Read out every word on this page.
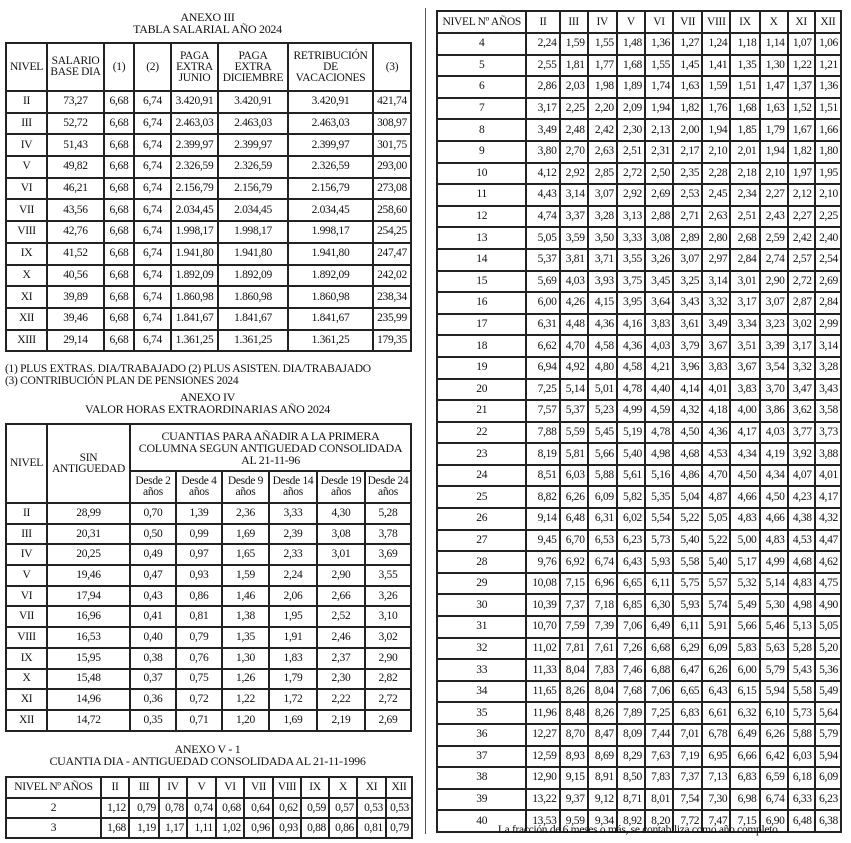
ANEXO III
TABLA SALARIAL AÑO 2024
NIVEL	SALARIO BASE DIA	(1)	(2)	PAGA EXTRA JUNIO	PAGA EXTRA DICIEMBRE	RETRIBUCIÓN DE VACACIONES	(3)
II	73,27	6,68	6,74	3.420,91	3.420,91	3.420,91	421,74
III	52,72	6,68	6,74	2.463,03	2.463,03	2.463,03	308,97
IV	51,43	6,68	6,74	2.399,97	2.399,97	2.399,97	301,75
V	49,82	6,68	6,74	2.326,59	2.326,59	2.326,59	293,00
VI	46,21	6,68	6,74	2.156,79	2.156,79	2.156,79	273,08
VII	43,56	6,68	6,74	2.034,45	2.034,45	2.034,45	258,60
VIII	42,76	6,68	6,74	1.998,17	1.998,17	1.998,17	254,25
IX	41,52	6,68	6,74	1.941,80	1.941,80	1.941,80	247,47
X	40,56	6,68	6,74	1.892,09	1.892,09	1.892,09	242,02
XI	39,89	6,68	6,74	1.860,98	1.860,98	1.860,98	238,34
XII	39,46	6,68	6,74	1.841,67	1.841,67	1.841,67	235,99
XIII	29,14	6,68	6,74	1.361,25	1.361,25	1.361,25	179,35
(1) PLUS EXTRAS. DIA/TRABAJADO (2) PLUS ASISTEN. DIA/TRABAJADO
(3) CONTRIBUCIÓN PLAN DE PENSIONES 2024
ANEXO IV
VALOR HORAS EXTRAORDINARIAS AÑO 2024
NIVEL	SIN ANTIGUEDAD	CUANTIAS PARA AÑADIR A LA PRIMERA COLUMNA SEGUN ANTIGUEDAD CONSOLIDADA AL 21-11-96					
		Desde 2 años	Desde 4 años	Desde 9 años	Desde 14 años	Desde 19 años	Desde 24 años
II	28,99	0,70	1,39	2,36	3,33	4,30	5,28
III	20,31	0,50	0,99	1,69	2,39	3,08	3,78
IV	20,25	0,49	0,97	1,65	2,33	3,01	3,69
V	19,46	0,47	0,93	1,59	2,24	2,90	3,55
VI	17,94	0,43	0,86	1,46	2,06	2,66	3,26
VII	16,96	0,41	0,81	1,38	1,95	2,52	3,10
VIII	16,53	0,40	0,79	1,35	1,91	2,46	3,02
IX	15,95	0,38	0,76	1,30	1,83	2,37	2,90
X	15,48	0,37	0,75	1,26	1,79	2,30	2,82
XI	14,96	0,36	0,72	1,22	1,72	2,22	2,72
XII	14,72	0,35	0,71	1,20	1,69	2,19	2,69
ANEXO V - 1
CUANTIA DIA - ANTIGUEDAD CONSOLIDADA AL 21-11-1996
NIVEL Nº AÑOS	II	III	IV	V	VI	VII	VIII	IX	X	XI	XII
2	1,12	0,79	0,78	0,74	0,68	0,64	0,62	0,59	0,57	0,53	0,53
3	1,68	1,19	1,17	1,11	1,02	0,96	0,93	0,88	0,86	0,81	0,79
NIVEL Nº AÑOS	II	III	IV	V	VI	VII	VIII	IX	X	XI	XII
4	2,24	1,59	1,55	1,48	1,36	1,27	1,24	1,18	1,14	1,07	1,06
5	2,55	1,81	1,77	1,68	1,55	1,45	1,41	1,35	1,30	1,22	1,21
6	2,86	2,03	1,98	1,89	1,74	1,63	1,59	1,51	1,47	1,37	1,36
7	3,17	2,25	2,20	2,09	1,94	1,82	1,76	1,68	1,63	1,52	1,51
8	3,49	2,48	2,42	2,30	2,13	2,00	1,94	1,85	1,79	1,67	1,66
9	3,80	2,70	2,63	2,51	2,31	2,17	2,10	2,01	1,94	1,82	1,80
10	4,12	2,92	2,85	2,72	2,50	2,35	2,28	2,18	2,10	1,97	1,95
11	4,43	3,14	3,07	2,92	2,69	2,53	2,45	2,34	2,27	2,12	2,10
12	4,74	3,37	3,28	3,13	2,88	2,71	2,63	2,51	2,43	2,27	2,25
13	5,05	3,59	3,50	3,33	3,08	2,89	2,80	2,68	2,59	2,42	2,40
14	5,37	3,81	3,71	3,55	3,26	3,07	2,97	2,84	2,74	2,57	2,54
15	5,69	4,03	3,93	3,75	3,45	3,25	3,14	3,01	2,90	2,72	2,69
16	6,00	4,26	4,15	3,95	3,64	3,43	3,32	3,17	3,07	2,87	2,84
17	6,31	4,48	4,36	4,16	3,83	3,61	3,49	3,34	3,23	3,02	2,99
18	6,62	4,70	4,58	4,36	4,03	3,79	3,67	3,51	3,39	3,17	3,14
19	6,94	4,92	4,80	4,58	4,21	3,96	3,83	3,67	3,54	3,32	3,28
20	7,25	5,14	5,01	4,78	4,40	4,14	4,01	3,83	3,70	3,47	3,43
21	7,57	5,37	5,23	4,99	4,59	4,32	4,18	4,00	3,86	3,62	3,58
22	7,88	5,59	5,45	5,19	4,78	4,50	4,36	4,17	4,03	3,77	3,73
23	8,19	5,81	5,66	5,40	4,98	4,68	4,53	4,34	4,19	3,92	3,88
24	8,51	6,03	5,88	5,61	5,16	4,86	4,70	4,50	4,34	4,07	4,01
25	8,82	6,26	6,09	5,82	5,35	5,04	4,87	4,66	4,50	4,23	4,17
26	9,14	6,48	6,31	6,02	5,54	5,22	5,05	4,83	4,66	4,38	4,32
27	9,45	6,70	6,53	6,23	5,73	5,40	5,22	5,00	4,83	4,53	4,47
28	9,76	6,92	6,74	6,43	5,93	5,58	5,40	5,17	4,99	4,68	4,62
29	10,08	7,15	6,96	6,65	6,11	5,75	5,57	5,32	5,14	4,83	4,75
30	10,39	7,37	7,18	6,85	6,30	5,93	5,74	5,49	5,30	4,98	4,90
31	10,70	7,59	7,39	7,06	6,49	6,11	5,91	5,66	5,46	5,13	5,05
32	11,02	7,81	7,61	7,26	6,68	6,29	6,09	5,83	5,63	5,28	5,20
33	11,33	8,04	7,83	7,46	6,88	6,47	6,26	6,00	5,79	5,43	5,36
34	11,65	8,26	8,04	7,68	7,06	6,65	6,43	6,15	5,94	5,58	5,49
35	11,96	8,48	8,26	7,89	7,25	6,83	6,61	6,32	6,10	5,73	5,64
36	12,27	8,70	8,47	8,09	7,44	7,01	6,78	6,49	6,26	5,88	5,79
37	12,59	8,93	8,69	8,29	7,63	7,19	6,95	6,66	6,42	6,03	5,94
38	12,90	9,15	8,91	8,50	7,83	7,37	7,13	6,83	6,59	6,18	6,09
39	13,22	9,37	9,12	8,71	8,01	7,54	7,30	6,98	6,74	6,33	6,23
40	13,53	9,59	9,34	8,92	8,20	7,72	7,47	7,15	6,90	6,48	6,38
La fracción de 6 meses o más, se contabiliza como año completo.
